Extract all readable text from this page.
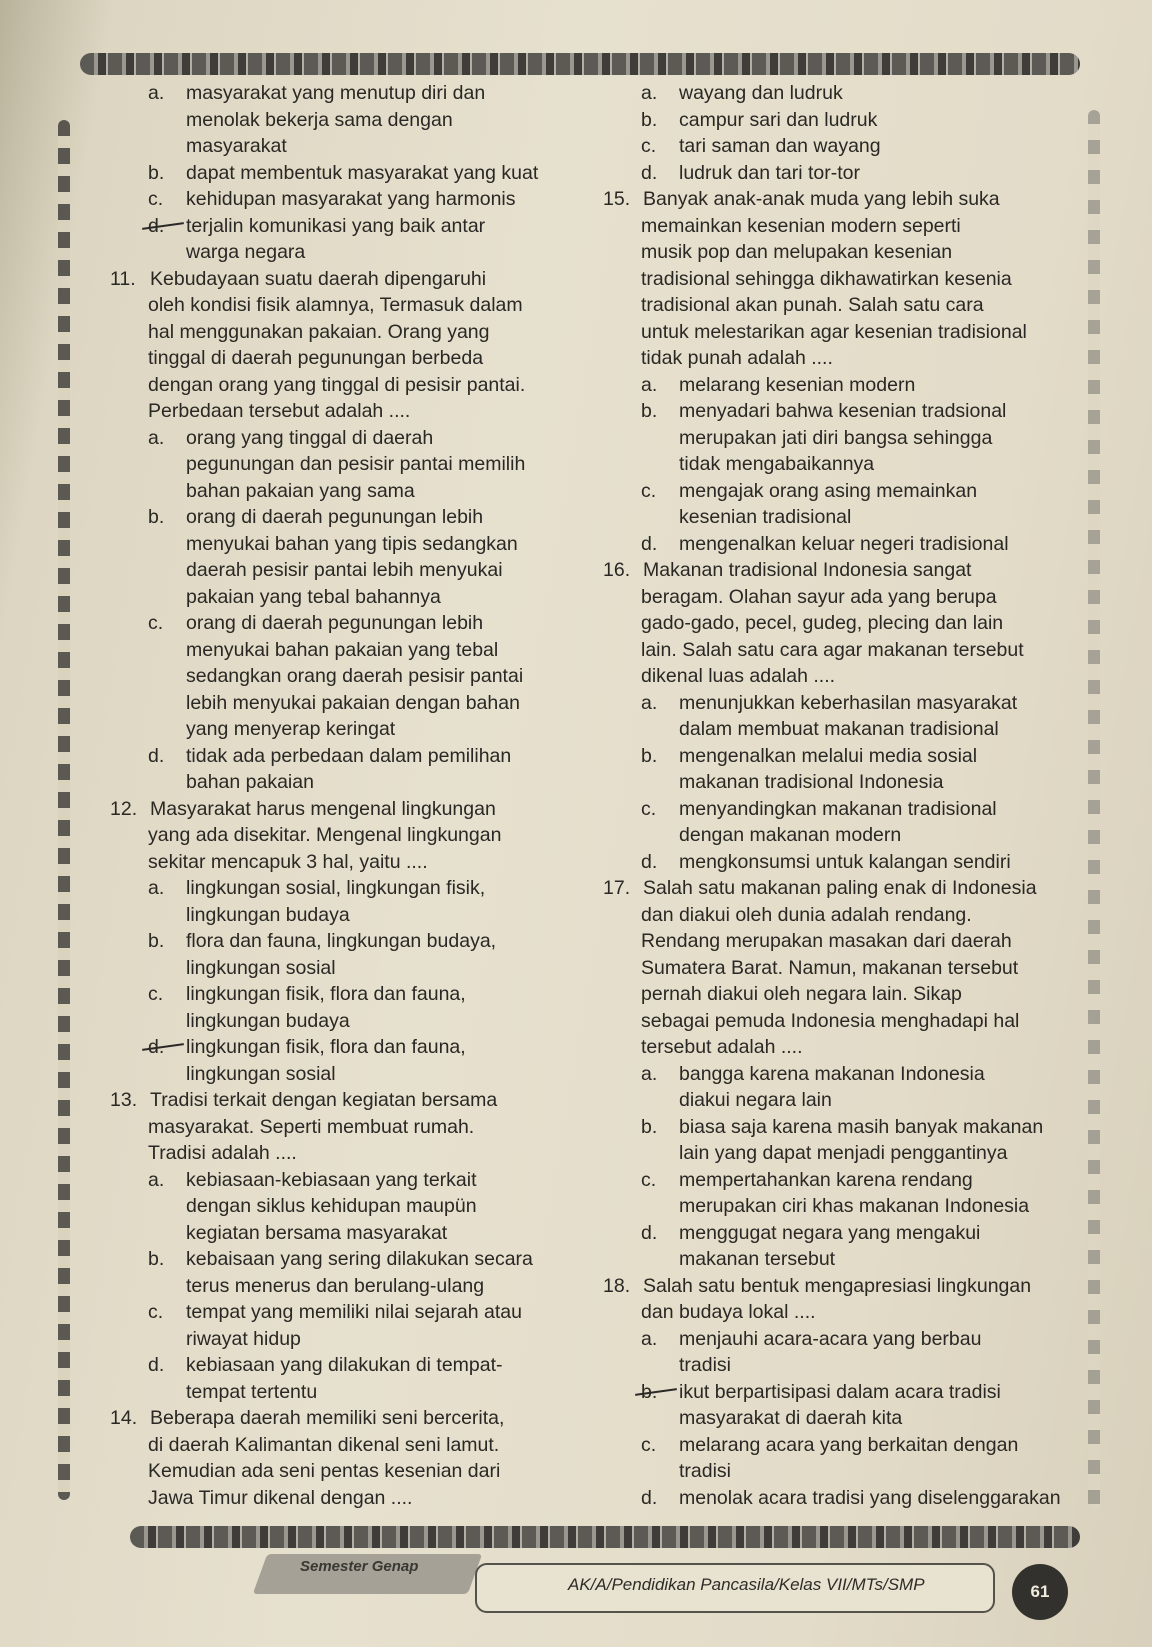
a. masyarakat yang menutup diri dan
menolak bekerja sama dengan
masyarakat
b. dapat membentuk masyarakat yang kuat
c. kehidupan masyarakat yang harmonis
d. terjalin komunikasi yang baik antar
warga negara
11. Kebudayaan suatu daerah dipengaruhi
oleh kondisi fisik alamnya, Termasuk dalam
hal menggunakan pakaian. Orang yang
tinggal di daerah pegunungan berbeda
dengan orang yang tinggal di pesisir pantai.
Perbedaan tersebut adalah ....
a. orang yang tinggal di daerah
pegunungan dan pesisir pantai memilih
bahan pakaian yang sama
b. orang di daerah pegunungan lebih
menyukai bahan yang tipis sedangkan
daerah pesisir pantai lebih menyukai
pakaian yang tebal bahannya
c. orang di daerah pegunungan lebih
menyukai bahan pakaian yang tebal
sedangkan orang daerah pesisir pantai
lebih menyukai pakaian dengan bahan
yang menyerap keringat
d. tidak ada perbedaan dalam pemilihan
bahan pakaian
12. Masyarakat harus mengenal lingkungan
yang ada disekitar. Mengenal lingkungan
sekitar mencapuk 3 hal, yaitu ....
a. lingkungan sosial, lingkungan fisik,
lingkungan budaya
b. flora dan fauna, lingkungan budaya,
lingkungan sosial
c. lingkungan fisik, flora dan fauna,
lingkungan budaya
d. lingkungan fisik, flora dan fauna,
lingkungan sosial
13. Tradisi terkait dengan kegiatan bersama
masyarakat. Seperti membuat rumah.
Tradisi adalah ....
a. kebiasaan-kebiasaan yang terkait
dengan siklus kehidupan maupün
kegiatan bersama masyarakat
b. kebaisaan yang sering dilakukan secara
terus menerus dan berulang-ulang
c. tempat yang memiliki nilai sejarah atau
riwayat hidup
d. kebiasaan yang dilakukan di tempat-
tempat tertentu
14. Beberapa daerah memiliki seni bercerita,
di daerah Kalimantan dikenal seni lamut.
Kemudian ada seni pentas kesenian dari
Jawa Timur dikenal dengan ....
a. wayang dan ludruk
b. campur sari dan ludruk
c. tari saman dan wayang
d. ludruk dan tari tor-tor
15. Banyak anak-anak muda yang lebih suka
memainkan kesenian modern seperti
musik pop dan melupakan kesenian
tradisional sehingga dikhawatirkan kesenia
tradisional akan punah. Salah satu cara
untuk melestarikan agar kesenian tradisional
tidak punah adalah ....
a. melarang kesenian modern
b. menyadari bahwa kesenian tradsional
merupakan jati diri bangsa sehingga
tidak mengabaikannya
c. mengajak orang asing memainkan
kesenian tradisional
d. mengenalkan keluar negeri tradisional
16. Makanan tradisional Indonesia sangat
beragam. Olahan sayur ada yang berupa
gado-gado, pecel, gudeg, plecing dan lain
lain. Salah satu cara agar makanan tersebut
dikenal luas adalah ....
a. menunjukkan keberhasilan masyarakat
dalam membuat makanan tradisional
b. mengenalkan melalui media sosial
makanan tradisional Indonesia
c. menyandingkan makanan tradisional
dengan makanan modern
d. mengkonsumsi untuk kalangan sendiri
17. Salah satu makanan paling enak di Indonesia
dan diakui oleh dunia adalah rendang.
Rendang merupakan masakan dari daerah
Sumatera Barat. Namun, makanan tersebut
pernah diakui oleh negara lain. Sikap
sebagai pemuda Indonesia menghadapi hal
tersebut adalah ....
a. bangga karena makanan Indonesia
diakui negara lain
b. biasa saja karena masih banyak makanan
lain yang dapat menjadi penggantinya
c. mempertahankan karena rendang
merupakan ciri khas makanan Indonesia
d. menggugat negara yang mengakui
makanan tersebut
18. Salah satu bentuk mengapresiasi lingkungan
dan budaya lokal ....
a. menjauhi acara-acara yang berbau
tradisi
b. ikut berpartisipasi dalam acara tradisi
masyarakat di daerah kita
c. melarang acara yang berkaitan dengan
tradisi
d. menolak acara tradisi yang diselenggarakan
Semester Genap
AK/A/Pendidikan Pancasila/Kelas VII/MTs/SMP	61
